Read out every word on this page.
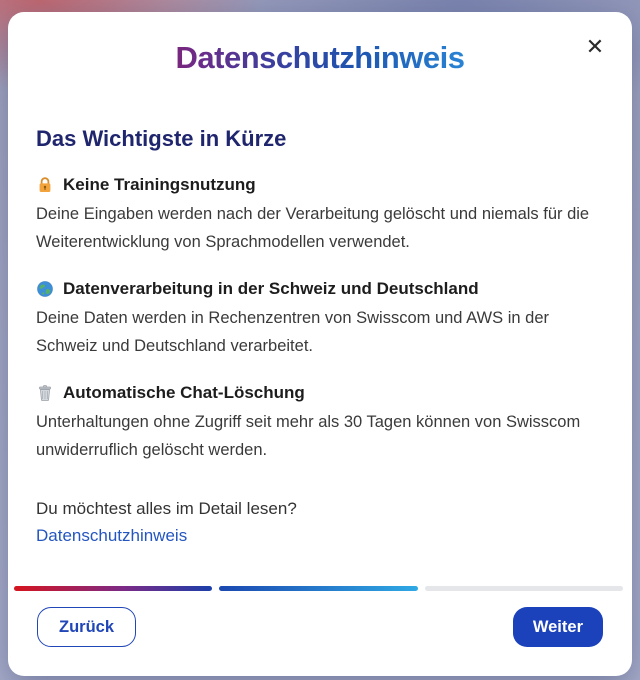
✕
Datenschutzhinweis
Das Wichtigste in Kürze
Keine Trainingsnutzung

Deine Eingaben werden nach der Verarbeitung gelöscht und niemals für die Weiterentwicklung von Sprachmodellen verwendet.

Datenverarbeitung in der Schweiz und Deutschland

Deine Daten werden in Rechenzentren von Swisscom und AWS in der Schweiz und Deutschland verarbeitet.

Automatische Chat-Löschung

Unterhaltungen ohne Zugriff seit mehr als 30 Tagen können von Swisscom unwiderruflich gelöscht werden.

Du möchtest alles im Detail lesen?
Datenschutzhinweis
Zurück	Weiter
